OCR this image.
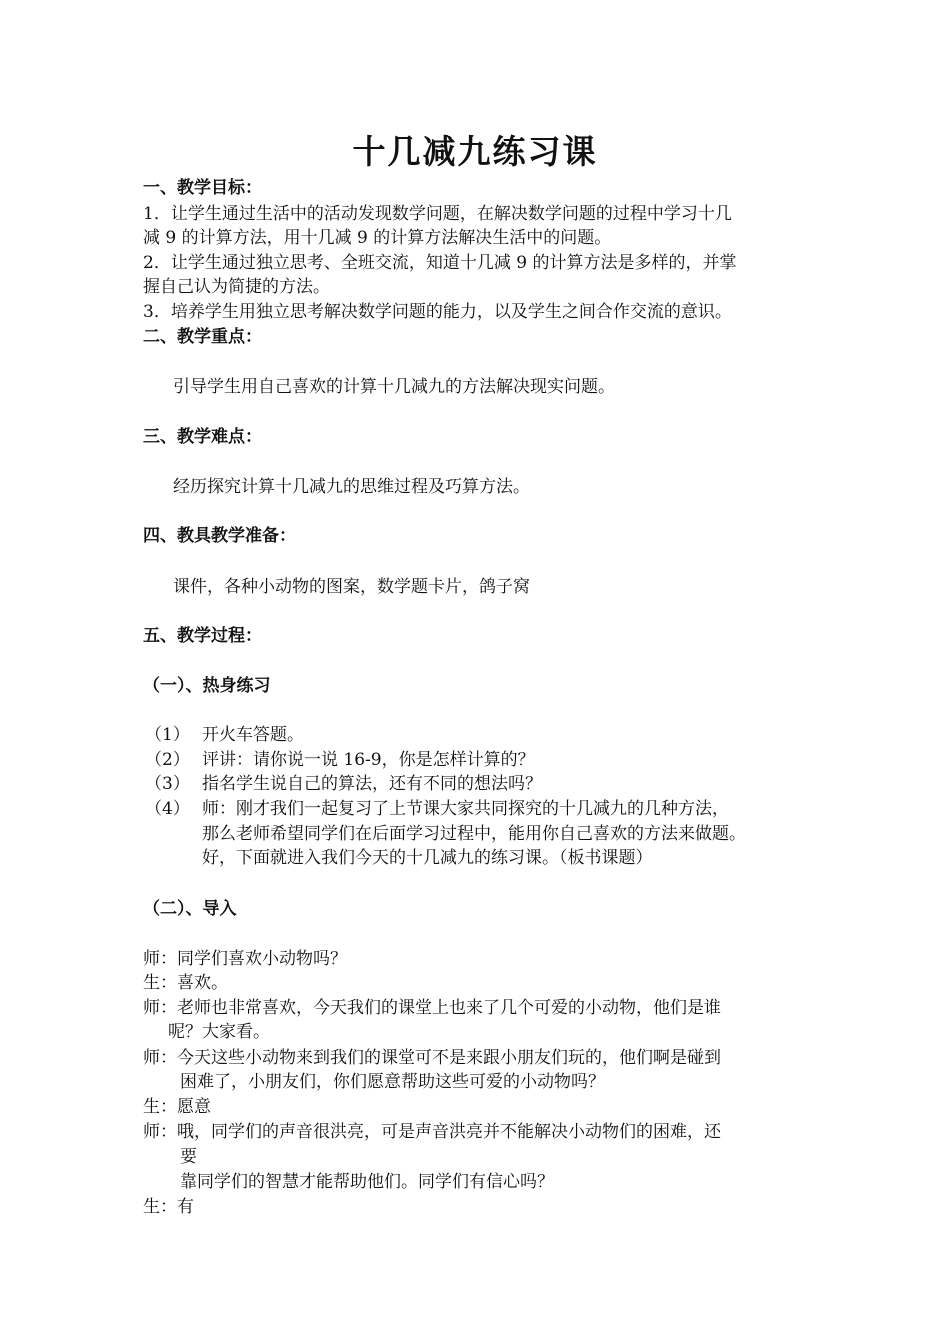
十几减九练习课
一、教学目标：
1．让学生通过生活中的活动发现数学问题，在解决数学问题的过程中学习十几
减 9 的计算方法，用十几减 9 的计算方法解决生活中的问题。
2．让学生通过独立思考、全班交流，知道十几减 9 的计算方法是多样的，并掌
握自己认为简捷的方法。
3．培养学生用独立思考解决数学问题的能力，以及学生之间合作交流的意识。
二、教学重点：
引导学生用自己喜欢的计算十几减九的方法解决现实问题。
三、教学难点：
经历探究计算十几减九的思维过程及巧算方法。
四、教具教学准备：
课件，各种小动物的图案，数学题卡片，鸽子窝
五、教学过程：
（一）、热身练习
（1） 开火车答题。
（2） 评讲：请你说一说 16-9，你是怎样计算的？
（3） 指名学生说自己的算法，还有不同的想法吗？
（4） 师：刚才我们一起复习了上节课大家共同探究的十几减九的几种方法，
那么老师希望同学们在后面学习过程中，能用你自己喜欢的方法来做题。
好，下面就进入我们今天的十几减九的练习课。（板书课题）
（二）、导入
师：同学们喜欢小动物吗？
生：喜欢。
师：老师也非常喜欢，今天我们的课堂上也来了几个可爱的小动物，他们是谁
呢？大家看。
师：今天这些小动物来到我们的课堂可不是来跟小朋友们玩的，他们啊是碰到
困难了，小朋友们，你们愿意帮助这些可爱的小动物吗？
生：愿意
师：哦，同学们的声音很洪亮，可是声音洪亮并不能解决小动物们的困难，还
要
靠同学们的智慧才能帮助他们。同学们有信心吗？
生：有
